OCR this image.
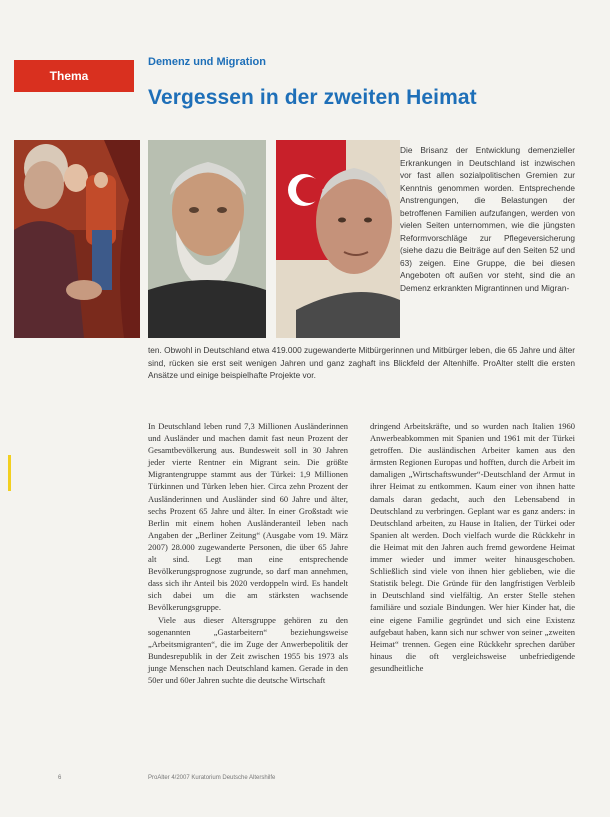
Thema
Demenz und Migration
Vergessen in der zweiten Heimat

Die Brisanz der Entwicklung demenzieller Erkrankungen in Deutschland ist inzwischen vor fast allen sozialpolitischen Gremien zur Kenntnis genommen worden. Entsprechende Anstrengungen, die Belastungen der betroffenen Familien aufzufangen, werden von vielen Seiten unternommen, wie die jüngsten Reformvorschläge zur Pflegeversicherung (siehe dazu die Beiträge auf den Seiten 52 und 63) zeigen. Eine Gruppe, die bei diesen Angeboten oft außen vor steht, sind die an Demenz erkrankten Migrantinnen und Migran-

ten. Obwohl in Deutschland etwa 419.000 zugewanderte Mitbürgerinnen und Mitbürger leben, die 65 Jahre und älter sind, rücken sie erst seit wenigen Jahren und ganz zaghaft ins Blickfeld der Altenhilfe. ProAlter stellt die ersten Ansätze und einige beispielhafte Projekte vor.

In Deutschland leben rund 7,3 Millionen Ausländerinnen und Ausländer und machen damit fast neun Prozent der Gesamtbevölkerung aus. Bundesweit soll in 30 Jahren jeder vierte Rentner ein Migrant sein. Die größte Migrantengruppe stammt aus der Türkei: 1,9 Millionen Türkinnen und Türken leben hier. Circa zehn Prozent der Ausländerinnen und Ausländer sind 60 Jahre und älter, sechs Prozent 65 Jahre und älter. In einer Großstadt wie Berlin mit einem hohen Ausländeranteil leben nach Angaben der „Berliner Zeitung“ (Ausgabe vom 19. März 2007) 28.000 zugewanderte Personen, die über 65 Jahre alt sind. Legt man eine entsprechende Bevölkerungsprognose zugrunde, so darf man annehmen, dass sich ihr Anteil bis 2020 verdoppeln wird. Es handelt sich dabei um die am stärksten wachsende Bevölkerungsgruppe.

Viele aus dieser Altersgruppe gehören zu den sogenannten „Gastarbeitern“ beziehungsweise „Arbeitsmigranten“, die im Zuge der Anwerbepolitik der Bundesrepublik in der Zeit zwischen 1955 bis 1973 als junge Menschen nach Deutschland kamen. Gerade in den 50er und 60er Jahren suchte die deutsche Wirtschaft

dringend Arbeitskräfte, und so wurden nach Italien 1960 Anwerbeabkommen mit Spanien und 1961 mit der Türkei getroffen. Die ausländischen Arbeiter kamen aus den ärmsten Regionen Europas und hofften, durch die Arbeit im damaligen „Wirtschaftswunder“-Deutschland der Armut in ihrer Heimat zu entkommen. Kaum einer von ihnen hatte damals daran gedacht, auch den Lebensabend in Deutschland zu verbringen. Geplant war es ganz anders: in Deutschland arbeiten, zu Hause in Italien, der Türkei oder Spanien alt werden. Doch vielfach wurde die Rückkehr in die Heimat mit den Jahren auch fremd gewordene Heimat immer wieder und immer weiter hinausgeschoben. Schließlich sind viele von ihnen hier geblieben, wie die Statistik belegt. Die Gründe für den langfristigen Verbleib in Deutschland sind vielfältig. An erster Stelle stehen familiäre und soziale Bindungen. Wer hier Kinder hat, die eine eigene Familie gegründet und sich eine Existenz aufgebaut haben, kann sich nur schwer von seiner „zweiten Heimat“ trennen. Gegen eine Rückkehr sprechen darüber hinaus die oft vergleichsweise unbefriedigende gesundheitliche

6	ProAlter 4/2007 Kuratorium Deutsche Altershilfe
